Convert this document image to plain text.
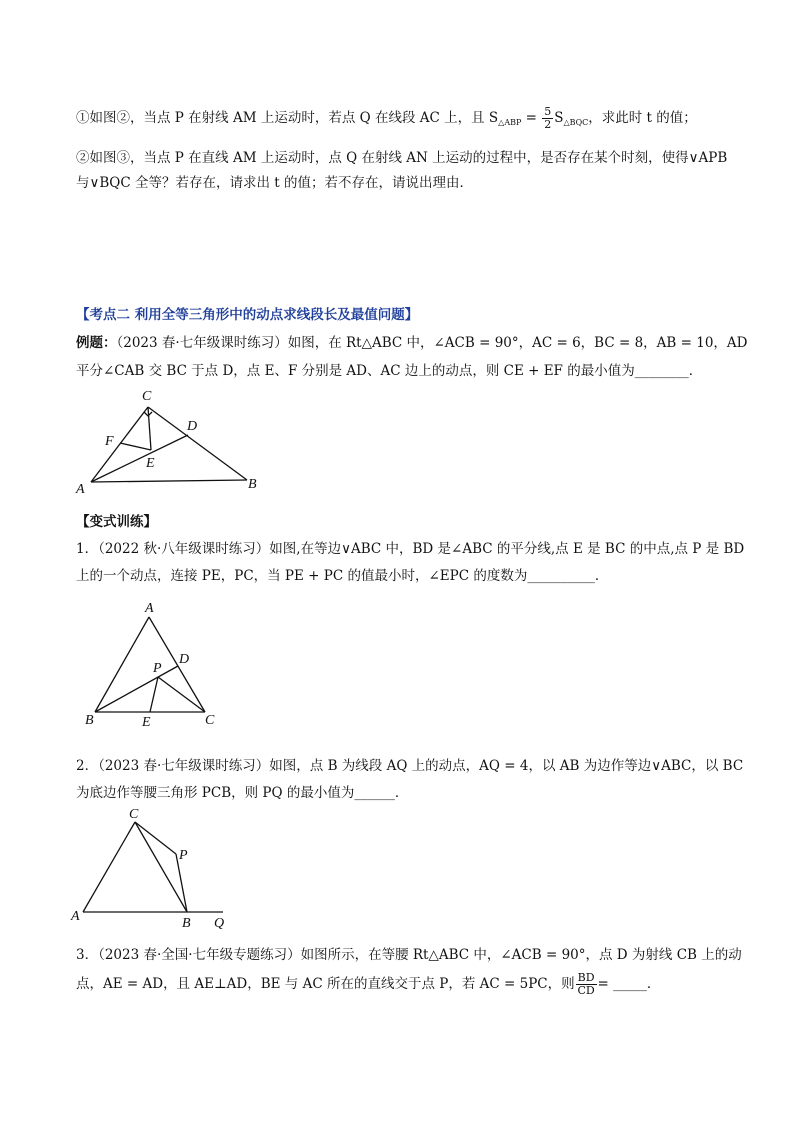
①如图②，当点 P 在射线 AM 上运动时，若点 Q 在线段 AC 上，且 $S_{\triangle ABP} = \frac{5}{2} S_{\triangle BQC}$，求此时 t 的值；
②如图③，当点 P 在直线 AM 上运动时，点 Q 在射线 AN 上运动的过程中，是否存在某个时刻，使得∨APB
与∨BQC 全等？若存在，请求出 t 的值；若不存在，请说出理由．
【考点二 利用全等三角形中的动点求线段长及最值问题】
例题：（2023 春·七年级课时练习）如图，在 Rt△ABC 中，∠ACB = 90°，AC = 6，BC = 8，AB = 10，AD
平分∠CAB 交 BC 于点 D，点 E、F 分别是 AD、AC 边上的动点，则 CE + EF 的最小值为________．
C
D
F
E
A	B
【变式训练】
1．（2022 秋·八年级课时练习）如图,在等边∨ABC 中，BD 是∠ABC 的平分线,点 E 是 BC 的中点,点 P 是 BD
上的一个动点，连接 PE，PC，当 PE + PC 的值最小时，∠EPC 的度数为__________．
A
D
P
B	E	C
2．（2023 春·七年级课时练习）如图，点 B 为线段 AQ 上的动点，AQ = 4，以 AB 为边作等边∨ABC，以 BC
为底边作等腰三角形 PCB，则 PQ 的最小值为______．
C
P
A	B Q
3．（2023 春·全国·七年级专题练习）如图所示，在等腰 Rt△ABC 中，∠ACB = 90°，点 D 为射线 CB 上的动
点，AE = AD，且 AE⊥AD，BE 与 AC 所在的直线交于点 P，若 AC = 5PC，则 $\frac{BD}{CD}$ = _____．
